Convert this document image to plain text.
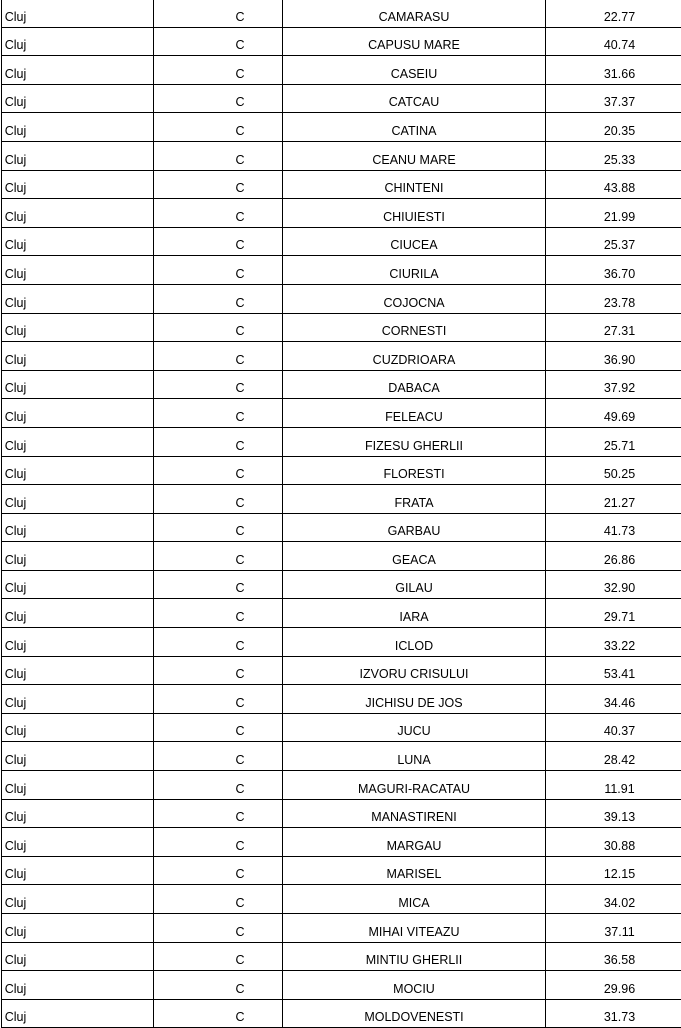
Cluj	C	CAMARASU	22.77
Cluj	C	CAPUSU MARE	40.74
Cluj	C	CASEIU	31.66
Cluj	C	CATCAU	37.37
Cluj	C	CATINA	20.35
Cluj	C	CEANU MARE	25.33
Cluj	C	CHINTENI	43.88
Cluj	C	CHIUIESTI	21.99
Cluj	C	CIUCEA	25.37
Cluj	C	CIURILA	36.70
Cluj	C	COJOCNA	23.78
Cluj	C	CORNESTI	27.31
Cluj	C	CUZDRIOARA	36.90
Cluj	C	DABACA	37.92
Cluj	C	FELEACU	49.69
Cluj	C	FIZESU GHERLII	25.71
Cluj	C	FLORESTI	50.25
Cluj	C	FRATA	21.27
Cluj	C	GARBAU	41.73
Cluj	C	GEACA	26.86
Cluj	C	GILAU	32.90
Cluj	C	IARA	29.71
Cluj	C	ICLOD	33.22
Cluj	C	IZVORU CRISULUI	53.41
Cluj	C	JICHISU DE JOS	34.46
Cluj	C	JUCU	40.37
Cluj	C	LUNA	28.42
Cluj	C	MAGURI-RACATAU	11.91
Cluj	C	MANASTIRENI	39.13
Cluj	C	MARGAU	30.88
Cluj	C	MARISEL	12.15
Cluj	C	MICA	34.02
Cluj	C	MIHAI VITEAZU	37.11
Cluj	C	MINTIU GHERLII	36.58
Cluj	C	MOCIU	29.96
Cluj	C	MOLDOVENESTI	31.73
